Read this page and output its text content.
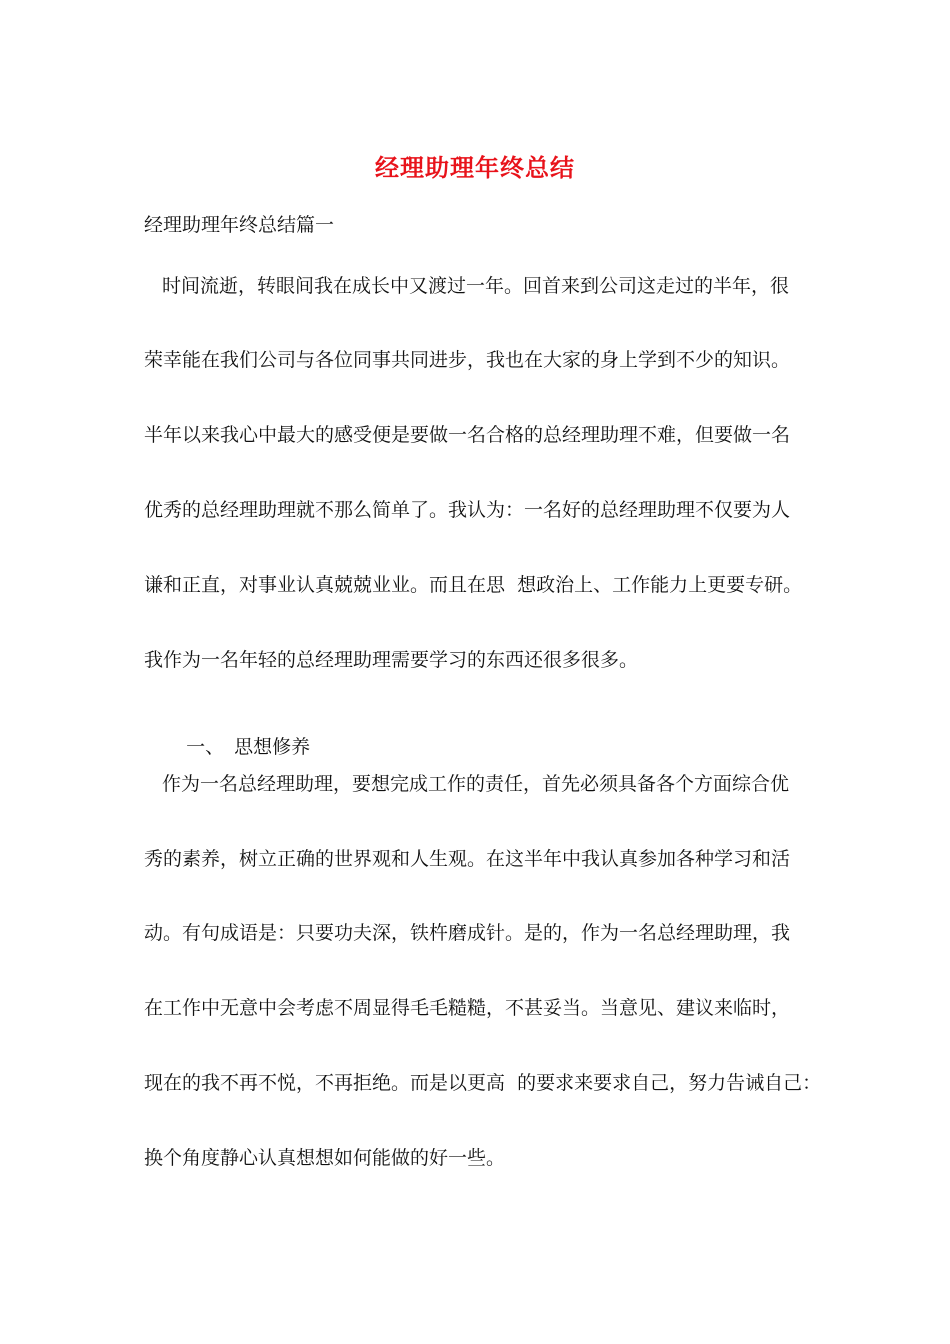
经理助理年终总结
经理助理年终总结篇一
时间流逝，转眼间我在成长中又渡过一年。回首来到公司这走过的半年，很
荣幸能在我们公司与各位同事共同进步，我也在大家的身上学到不少的知识。
半年以来我心中最大的感受便是要做一名合格的总经理助理不难，但要做一名
优秀的总经理助理就不那么简单了。我认为：一名好的总经理助理不仅要为人
谦和正直，对事业认真兢兢业业。而且在思  想政治上、工作能力上更要专研。
我作为一名年轻的总经理助理需要学习的东西还很多很多。

一、 思想修养

作为一名总经理助理，要想完成工作的责任，首先必须具备各个方面综合优
秀的素养，树立正确的世界观和人生观。在这半年中我认真参加各种学习和活
动。有句成语是：只要功夫深，铁杵磨成针。是的，作为一名总经理助理，我
在工作中无意中会考虑不周显得毛毛糙糙，不甚妥当。当意见、建议来临时，
现在的我不再不悦，不再拒绝。而是以更高  的要求来要求自己，努力告诫自己：
换个角度静心认真想想如何能做的好一些。
